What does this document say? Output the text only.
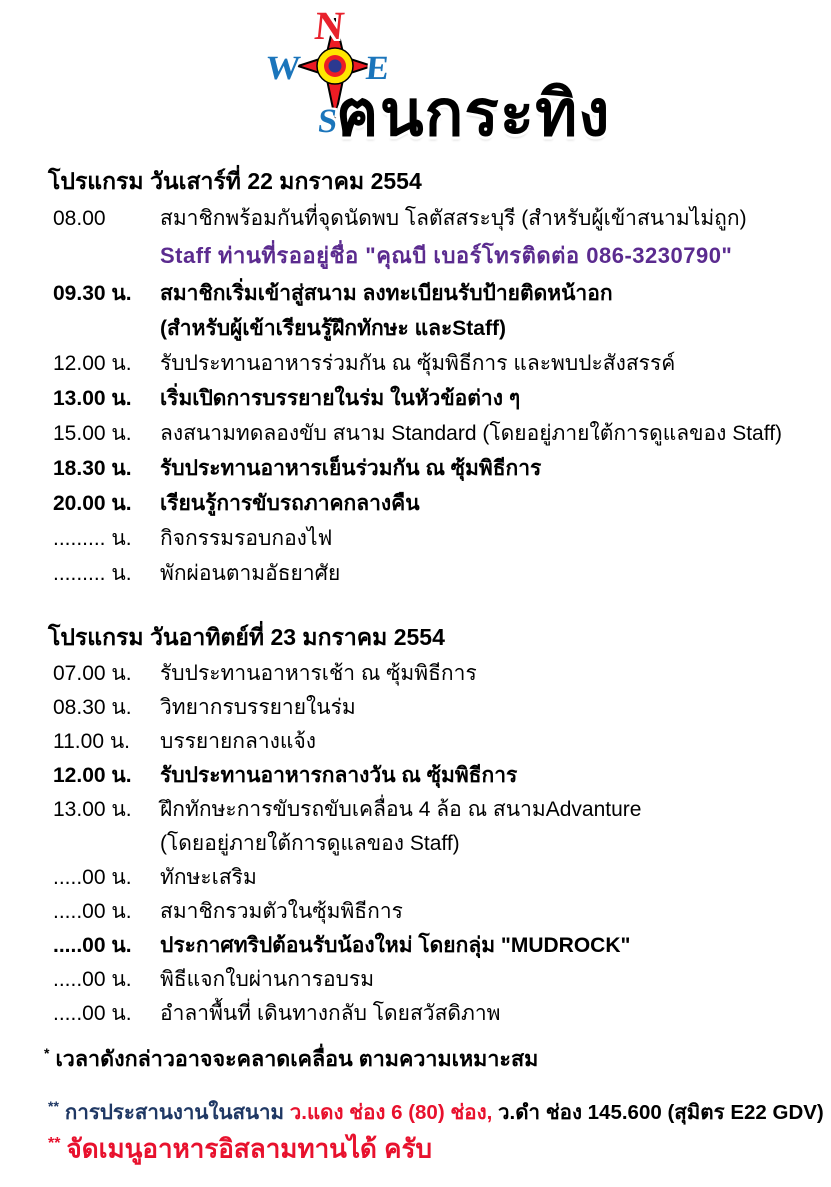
N
W E
S
ฅนกระทิง
โปรแกรม วันเสาร์ที่ 22 มกราคม 2554
08.00	สมาชิกพร้อมกันที่จุดนัดพบ โลตัสสระบุรี (สำหรับผู้เข้าสนามไม่ถูก)
Staff ท่านที่รออยู่ชื่อ "คุณบี เบอร์โทรติดต่อ 086-3230790"
09.30 น.	สมาชิกเริ่มเข้าสู่สนาม ลงทะเบียนรับป้ายติดหน้าอก
(สำหรับผู้เข้าเรียนรู้ฝึกทักษะ และStaff)
12.00 น.	รับประทานอาหารร่วมกัน ณ ซุ้มพิธีการ และพบปะสังสรรค์
13.00 น.	เริ่มเปิดการบรรยายในร่ม ในหัวข้อต่าง ๆ
15.00 น.	ลงสนามทดลองขับ สนาม Standard (โดยอยู่ภายใต้การดูแลของ Staff)
18.30 น.	รับประทานอาหารเย็นร่วมกัน ณ ซุ้มพิธีการ
20.00 น.	เรียนรู้การขับรถภาคกลางคืน
......... น.	กิจกรรมรอบกองไฟ
......... น.	พักผ่อนตามอัธยาศัย
โปรแกรม วันอาทิตย์ที่ 23 มกราคม 2554
07.00 น.	รับประทานอาหารเช้า ณ ซุ้มพิธีการ
08.30 น.	วิทยากรบรรยายในร่ม
11.00 น.	บรรยายกลางแจ้ง
12.00 น.	รับประทานอาหารกลางวัน ณ ซุ้มพิธีการ
13.00 น.	ฝึกทักษะการขับรถขับเคลื่อน 4 ล้อ ณ สนามAdvanture
(โดยอยู่ภายใต้การดูแลของ Staff)
.....00 น.	ทักษะเสริม
.....00 น.	สมาชิกรวมตัวในซุ้มพิธีการ
.....00 น.	ประกาศทริปต้อนรับน้องใหม่ โดยกลุ่ม "MUDROCK"
.....00 น.	พิธีแจกใบผ่านการอบรม
.....00 น.	อำลาพื้นที่ เดินทางกลับ โดยสวัสดิภาพ
* เวลาดังกล่าวอาจจะคลาดเคลื่อน ตามความเหมาะสม
** การประสานงานในสนาม ว.แดง ช่อง 6 (80) ช่อง, ว.ดำ ช่อง 145.600 (สุมิตร E22 GDV)
** จัดเมนูอาหารอิสลามทานได้ ครับ
